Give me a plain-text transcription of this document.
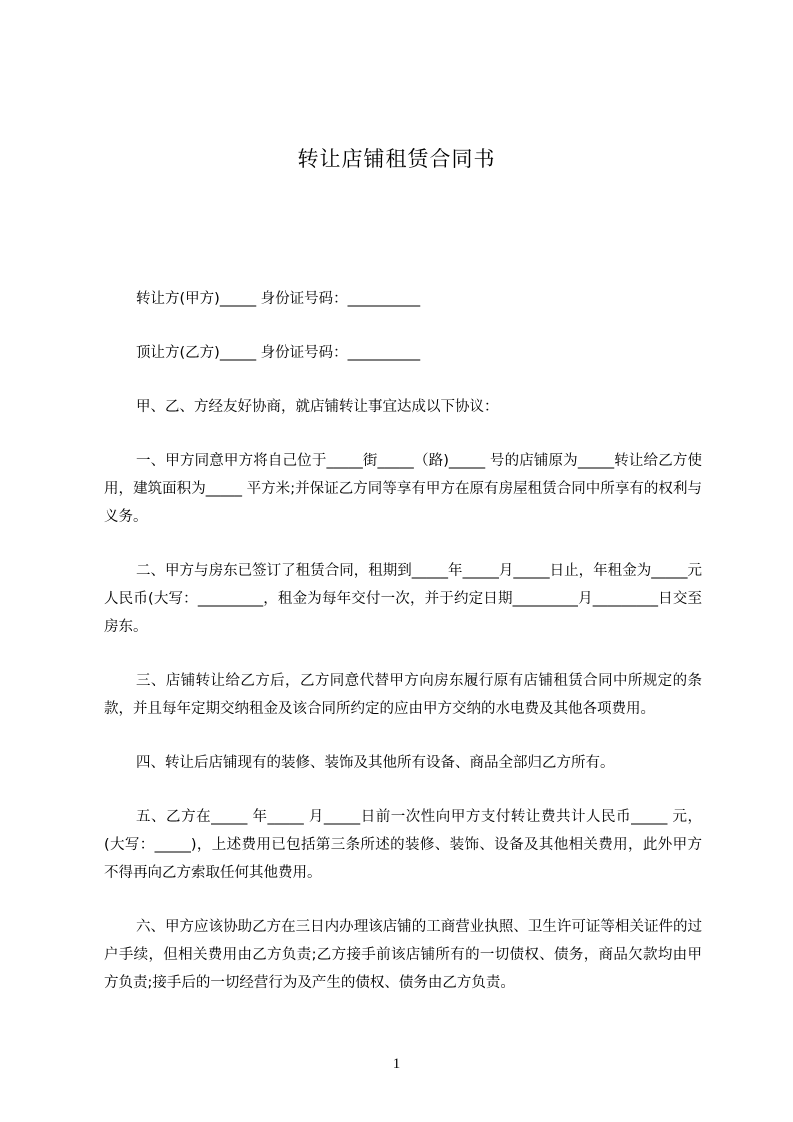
转让店铺租赁合同书

转让方(甲方)_____ 身份证号码：__________

顶让方(乙方)_____ 身份证号码：__________

甲、乙、方经友好协商，就店铺转让事宜达成以下协议：

一、甲方同意甲方将自己位于_____街_____（路)_____ 号的店铺原为_____转让给乙方使用，建筑面积为_____ 平方米;并保证乙方同等享有甲方在原有房屋租赁合同中所享有的权利与义务。

二、甲方与房东已签订了租赁合同，租期到_____年_____月_____日止，年租金为_____元人民币(大写：_________，租金为每年交付一次，并于约定日期_________月_________日交至房东。

三、店铺转让给乙方后，乙方同意代替甲方向房东履行原有店铺租赁合同中所规定的条款，并且每年定期交纳租金及该合同所约定的应由甲方交纳的水电费及其他各项费用。

四、转让后店铺现有的装修、装饰及其他所有设备、商品全部归乙方所有。

五、乙方在_____ 年_____ 月_____日前一次性向甲方支付转让费共计人民币_____ 元，(大写：_____)，上述费用已包括第三条所述的装修、装饰、设备及其他相关费用，此外甲方不得再向乙方索取任何其他费用。

六、甲方应该协助乙方在三日内办理该店铺的工商营业执照、卫生许可证等相关证件的过户手续，但相关费用由乙方负责;乙方接手前该店铺所有的一切债权、债务，商品欠款均由甲方负责;接手后的一切经营行为及产生的债权、债务由乙方负责。

1
